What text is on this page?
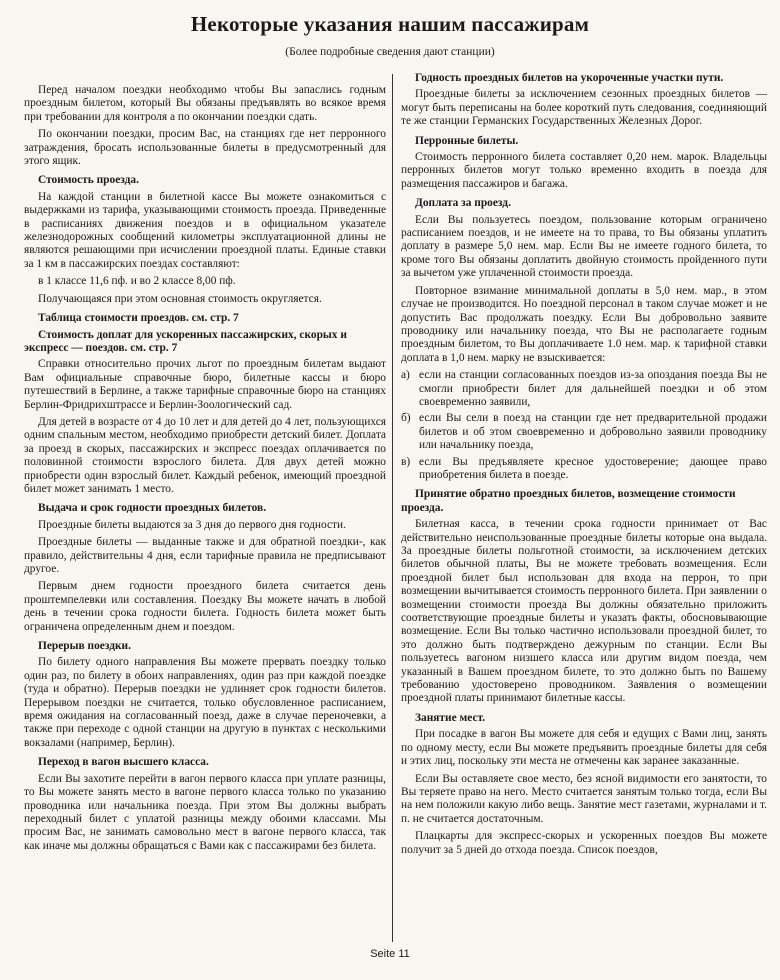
Некоторые указания нашим пассажирам
(Более подробные сведения дают станции)

Перед началом поездки необходимо чтобы Вы запаслись годным проездным билетом, который Вы обязаны предъявлять во всякое время при требовании для контроля а по окончании поездки сдать.

По окончании поездки, просим Вас, на станциях где нет перронного затраждения, бросать использованные билеты в предусмотренный для этого ящик.

Стоимость проезда.

На каждой станции в билетной кассе Вы можете ознакомиться с выдержками из тарифа, указывающими стоимость проезда. Приведенные в расписаниях движения поездов и в официальном указателе железнодорожных сообщений километры эксплуатационной длины не являются решающими при исчислении проездной платы. Единые ставки за 1 км в пассажирских поездах составляют:

в 1 классе 11,6 пф. и во 2 классе 8,00 пф.

Получающаяся при этом основная стоимость округляется.

Таблица стоимости проездов. см. стр. 7
Стоимость доплат для ускоренных пассажирских, скорых и экспресс — поездов. см. стр. 7

Справки относительно прочих льгот по проездным билетам выдают Вам официальные справочные бюро, билетные кассы и бюро путешествий в Берлине, а также тарифные справочные бюро на станциях Берлин-Фридрихштрассе и Берлин-Зоологический сад.

Для детей в возрасте от 4 до 10 лет и для детей до 4 лет, пользующихся одним спальным местом, необходимо приобрести детский билет. Доплата за проезд в скорых, пассажирских и экспресс поездах оплачивается по половинной стоимости взрослого билета. Для двух детей можно приобрести один взрослый билет. Каждый ребенок, имеющий проездной билет может занимать 1 место.

Выдача и срок годности проездных билетов.

Проездные билеты выдаются за 3 дня до первого дня годности.

Проездные билеты — выданные также и для обратной поездки-, как правило, действительны 4 дня, если тарифные правила не предписывают другое.

Первым днем годности проездного билета считается день проштемпелевки или составления. Поездку Вы можете начать в любой день в течении срока годности билета. Годность билета может быть ограничена определенным днем и поездом.

Перерыв поездки.

По билету одного направления Вы можете прервать поездку только один раз, по билету в обоих направлениях, один раз при каждой поездке (туда и обратно). Перерыв поездки не удлиняет срок годности билетов. Перерывом поездки не считается, только обусловленное расписанием, время ожидания на согласованный поезд, даже в случае переночевки, а также при переходе с одной станции на другую в пунктах с несколькими вокзалами (например, Берлин).

Переход в вагон высшего класса.

Если Вы захотите перейти в вагон первого класса при уплате разницы, то Вы можете занять место в вагоне первого класса только по указанию проводника или начальника поезда. При этом Вы должны выбрать переходный билет с уплатой разницы между обоими классами. Мы просим Вас, не занимать самовольно мест в вагоне первого класса, так как иначе мы должны обращаться с Вами как с пассажирами без билета.

Годность проездных билетов на укороченные участки пути.

Проездные билеты за исключением сезонных проездных билетов — могут быть переписаны на более короткий путь следования, соединяющий те же станции Германских Государственных Железных Дорог.

Перронные билеты.

Стоимость перронного билета составляет 0,20 нем. марок. Владельцы перронных билетов могут только временно входить в поезда для размещения пассажиров и багажа.

Доплата за проезд.

Если Вы пользуетесь поездом, пользование которым ограничено расписанием поездов, и не имеете на то права, то Вы обязаны уплатить доплату в размере 5,0 нем. мар. Если Вы не имеете годного билета, то кроме того Вы обязаны доплатить двойную стоимость пройденного пути за вычетом уже уплаченной стоимости проезда.

Повторное взимание минимальной доплаты в 5,0 нем. мар., в этом случае не производится. Но поездной персонал в таком случае может и не допустить Вас продолжать поездку. Если Вы добровольно заявите проводнику или начальнику поезда, что Вы не располагаете годным проездным билетом, то Вы доплачиваете 1.0 нем. мар. к тарифной ставки доплата в 1,0 нем. марку не взыскивается:

а) если на станции согласованных поездов из-за опоздания поезда Вы не смогли приобрести билет для дальнейшей поездки и об этом своевременно заявили,
б) если Вы сели в поезд на станции где нет предварительной продажи билетов и об этом своевременно и добровольно заявили проводнику или начальнику поезда,
в) если Вы предъявляете кресное удостоверение; дающее право приобретения билета в поезде.
Принятие обратно проездных билетов, возмещение стоимости проезда.

Билетная касса, в течении срока годности принимает от Вас действительно неиспользованные проездные билеты которые она выдала. За проездные билеты польготной стоимости, за исключением детских билетов обычной платы, Вы не можете требовать возмещения. Если проездной билет был использован для входа на перрон, то при возмещении вычитывается стоимость перронного билета. При заявлении о возмещении стоимости проезда Вы должны обязательно приложить соответствующие проездные билеты и указать факты, обосновывающие возмещение. Если Вы только частично использовали проездной билет, то это должно быть подтверждено дежурным по станции. Если Вы пользуетесь вагоном низшего класса или другим видом поезда, чем указанный в Вашем проездном билете, то это должно быть по Вашему требованию удостоверено проводником. Заявления о возмещении проездной платы принимают билетные кассы.

Занятие мест.

При посадке в вагон Вы можете для себя и едущих с Вами лиц, занять по одному месту, если Вы можете предъявить проездные билеты для себя и этих лиц, поскольку эти места не отмечены как заранее заказанные.

Если Вы оставляете свое место, без ясной видимости его занятости, то Вы теряете право на него. Место считается занятым только тогда, если Вы на нем положили какую либо вещь. Занятие мест газетами, журналами и т. п. не считается достаточным.

Плацкарты для экспресс-скорых и ускоренных поездов Вы можете получит за 5 дней до отхода поезда. Список поездов,

Seite 11
